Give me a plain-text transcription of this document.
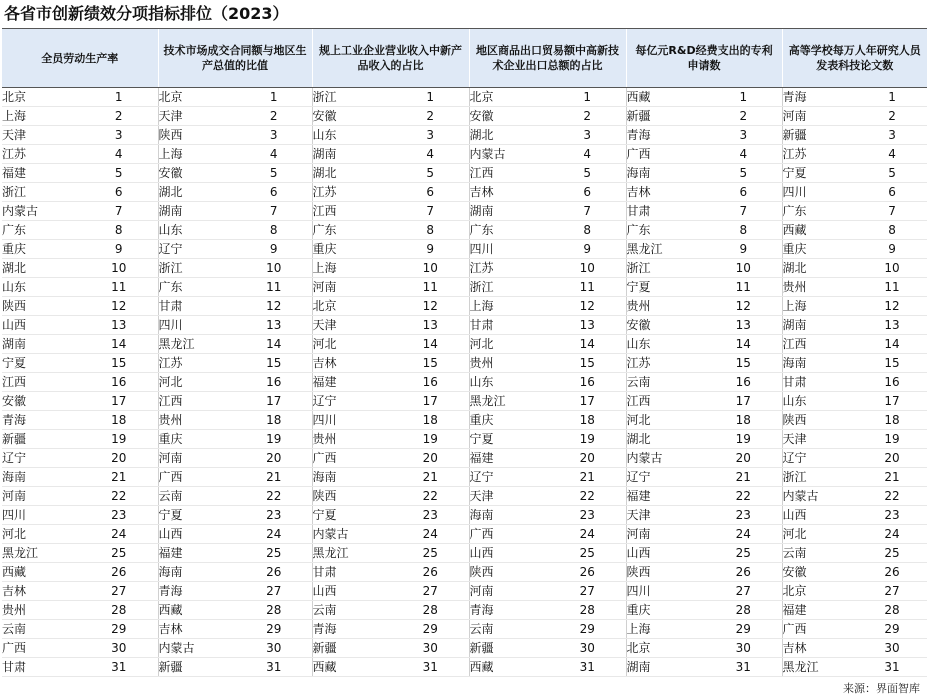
各省市创新绩效分项指标排位（2023）
全员劳动生产率		技术市场成交合同额与地区生产总值的比值		规上工业企业营业收入中新产品收入的占比		地区商品出口贸易额中高新技术企业出口总额的占比		每亿元R&D经费支出的专利申请数		高等学校每万人年研究人员发表科技论文数	
北京	1	北京	1	浙江	1	北京	1	西藏	1	青海	1
上海	2	天津	2	安徽	2	安徽	2	新疆	2	河南	2
天津	3	陕西	3	山东	3	湖北	3	青海	3	新疆	3
江苏	4	上海	4	湖南	4	内蒙古	4	广西	4	江苏	4
福建	5	安徽	5	湖北	5	江西	5	海南	5	宁夏	5
浙江	6	湖北	6	江苏	6	吉林	6	吉林	6	四川	6
内蒙古	7	湖南	7	江西	7	湖南	7	甘肃	7	广东	7
广东	8	山东	8	广东	8	广东	8	广东	8	西藏	8
重庆	9	辽宁	9	重庆	9	四川	9	黑龙江	9	重庆	9
湖北	10	浙江	10	上海	10	江苏	10	浙江	10	湖北	10
山东	11	广东	11	河南	11	浙江	11	宁夏	11	贵州	11
陕西	12	甘肃	12	北京	12	上海	12	贵州	12	上海	12
山西	13	四川	13	天津	13	甘肃	13	安徽	13	湖南	13
湖南	14	黑龙江	14	河北	14	河北	14	山东	14	江西	14
宁夏	15	江苏	15	吉林	15	贵州	15	江苏	15	海南	15
江西	16	河北	16	福建	16	山东	16	云南	16	甘肃	16
安徽	17	江西	17	辽宁	17	黑龙江	17	江西	17	山东	17
青海	18	贵州	18	四川	18	重庆	18	河北	18	陕西	18
新疆	19	重庆	19	贵州	19	宁夏	19	湖北	19	天津	19
辽宁	20	河南	20	广西	20	福建	20	内蒙古	20	辽宁	20
海南	21	广西	21	海南	21	辽宁	21	辽宁	21	浙江	21
河南	22	云南	22	陕西	22	天津	22	福建	22	内蒙古	22
四川	23	宁夏	23	宁夏	23	海南	23	天津	23	山西	23
河北	24	山西	24	内蒙古	24	广西	24	河南	24	河北	24
黑龙江	25	福建	25	黑龙江	25	山西	25	山西	25	云南	25
西藏	26	海南	26	甘肃	26	陕西	26	陕西	26	安徽	26
吉林	27	青海	27	山西	27	河南	27	四川	27	北京	27
贵州	28	西藏	28	云南	28	青海	28	重庆	28	福建	28
云南	29	吉林	29	青海	29	云南	29	上海	29	广西	29
广西	30	内蒙古	30	新疆	30	新疆	30	北京	30	吉林	30
甘肃	31	新疆	31	西藏	31	西藏	31	湖南	31	黑龙江	31
来源：界面智库
